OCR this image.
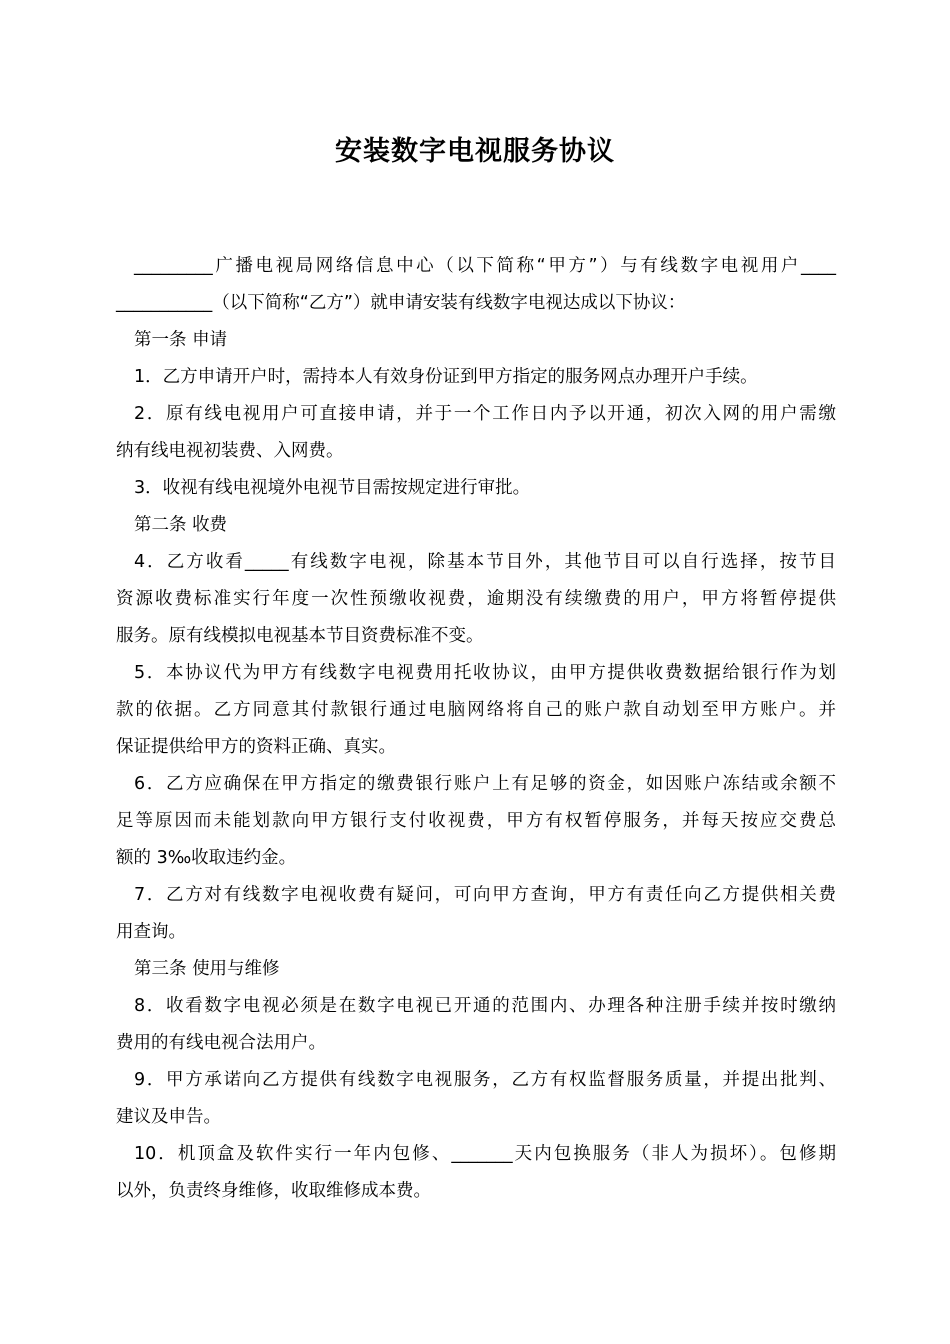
安装数字电视服务协议
_________广播电视局网络信息中心（以下简称“甲方”）与有线数字电视用户____
___________（以下简称“乙方”）就申请安装有线数字电视达成以下协议：
第一条 申请
1．乙方申请开户时，需持本人有效身份证到甲方指定的服务网点办理开户手续。
2．原有线电视用户可直接申请，并于一个工作日内予以开通，初次入网的用户需缴
纳有线电视初装费、入网费。
3．收视有线电视境外电视节目需按规定进行审批。
第二条 收费
4．乙方收看_____有线数字电视，除基本节目外，其他节目可以自行选择，按节目
资源收费标准实行年度一次性预缴收视费，逾期没有续缴费的用户，甲方将暂停提供
服务。原有线模拟电视基本节目资费标准不变。
5．本协议代为甲方有线数字电视费用托收协议，由甲方提供收费数据给银行作为划
款的依据。乙方同意其付款银行通过电脑网络将自己的账户款自动划至甲方账户。并
保证提供给甲方的资料正确、真实。
6．乙方应确保在甲方指定的缴费银行账户上有足够的资金，如因账户冻结或余额不
足等原因而未能划款向甲方银行支付收视费，甲方有权暂停服务，并每天按应交费总
额的 3‰收取违约金。
7．乙方对有线数字电视收费有疑问，可向甲方查询，甲方有责任向乙方提供相关费
用查询。
第三条 使用与维修
8．收看数字电视必须是在数字电视已开通的范围内、办理各种注册手续并按时缴纳
费用的有线电视合法用户。
9．甲方承诺向乙方提供有线数字电视服务，乙方有权监督服务质量，并提出批判、
建议及申告。
10．机顶盒及软件实行一年内包修、_______天内包换服务（非人为损坏）。包修期
以外，负责终身维修，收取维修成本费。
